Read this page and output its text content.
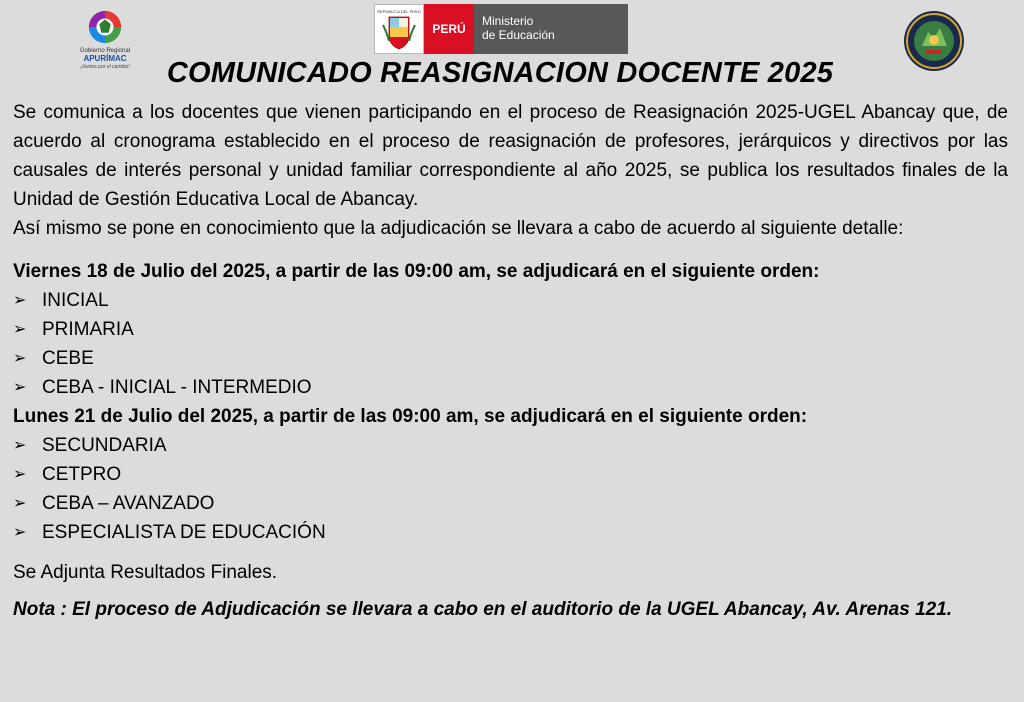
Gobierno Regional
APURÍMAC
¡Juntos por el cambio!
REPÚBLICA DEL PERÚ
PERÚ
Ministerio
de Educación
COMUNICADO REASIGNACION DOCENTE 2025

Se comunica a los docentes que vienen participando en el proceso de Reasignación 2025-UGEL Abancay que, de acuerdo al cronograma establecido en el proceso de reasignación de profesores, jerárquicos y directivos por las causales de interés personal y unidad familiar correspondiente al año 2025, se publica los resultados finales de la Unidad de Gestión Educativa Local de Abancay.

Así mismo se pone en conocimiento que la adjudicación se llevara a cabo de acuerdo al siguiente detalle:

Viernes 18 de Julio del 2025, a partir de las 09:00 am, se adjudicará en el siguiente orden:

➢ INICIAL
➢ PRIMARIA
➢ CEBE
➢ CEBA - INICIAL - INTERMEDIO

Lunes 21 de Julio del 2025, a partir de las 09:00 am, se adjudicará en el siguiente orden:

➢ SECUNDARIA
➢ CETPRO
➢ CEBA – AVANZADO
➢ ESPECIALISTA DE EDUCACIÓN

Se Adjunta Resultados Finales.

Nota : El proceso de Adjudicación se llevara a cabo en el auditorio de la UGEL Abancay, Av. Arenas 121.
